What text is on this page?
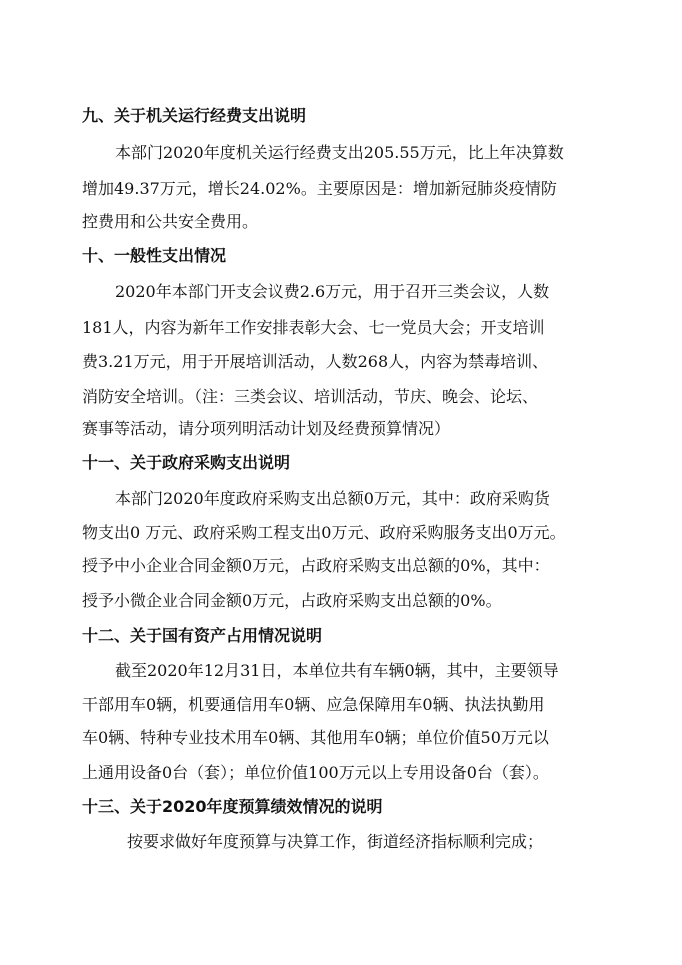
九、关于机关运行经费支出说明
本部门2020年度机关运行经费支出205.55万元，比上年决算数
增加49.37万元，增长24.02%。主要原因是：增加新冠肺炎疫情防
控费用和公共安全费用。
十、一般性支出情况
2020年本部门开支会议费2.6万元，用于召开三类会议，人数
181人，内容为新年工作安排表彰大会、七一党员大会；开支培训
费3.21万元，用于开展培训活动，人数268人，内容为禁毒培训、
消防安全培训。（注：三类会议、培训活动，节庆、晚会、论坛、
赛事等活动，请分项列明活动计划及经费预算情况）
十一、关于政府采购支出说明
本部门2020年度政府采购支出总额0万元，其中：政府采购货
物支出0 万元、政府采购工程支出0万元、政府采购服务支出0万元。
授予中小企业合同金额0万元，占政府采购支出总额的0%，其中：
授予小微企业合同金额0万元，占政府采购支出总额的0%。
十二、关于国有资产占用情况说明
截至2020年12月31日，本单位共有车辆0辆，其中，主要领导
干部用车0辆，机要通信用车0辆、应急保障用车0辆、执法执勤用
车0辆、特种专业技术用车0辆、其他用车0辆；单位价值50万元以
上通用设备0台（套）；单位价值100万元以上专用设备0台（套）。
十三、关于2020年度预算绩效情况的说明
按要求做好年度预算与决算工作，街道经济指标顺利完成；
